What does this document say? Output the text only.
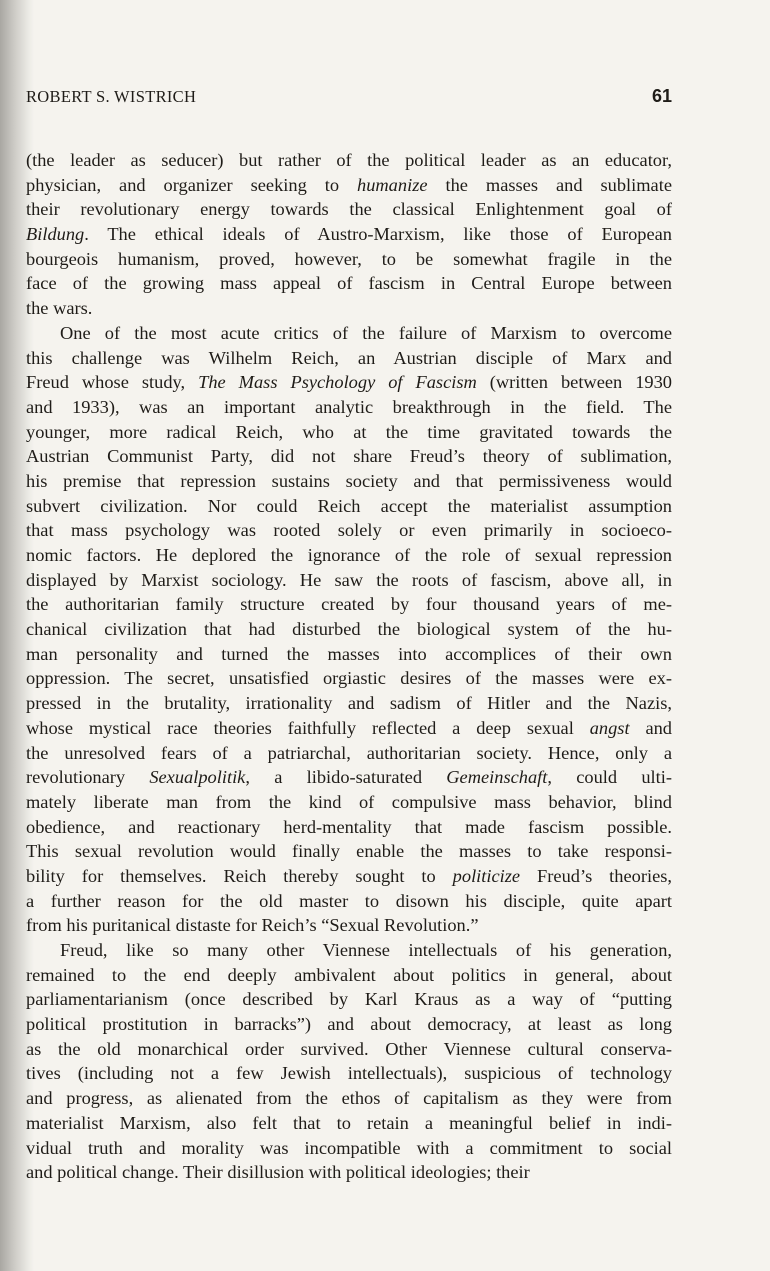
ROBERT S. WISTRICH	61
(the leader as seducer) but rather of the political leader as an educator,
physician, and organizer seeking to humanize the masses and sublimate
their revolutionary energy towards the classical Enlightenment goal of
Bildung. The ethical ideals of Austro-Marxism, like those of European
bourgeois humanism, proved, however, to be somewhat fragile in the
face of the growing mass appeal of fascism in Central Europe between
the wars.
One of the most acute critics of the failure of Marxism to overcome
this challenge was Wilhelm Reich, an Austrian disciple of Marx and
Freud whose study, The Mass Psychology of Fascism (written between 1930
and 1933), was an important analytic breakthrough in the field. The
younger, more radical Reich, who at the time gravitated towards the
Austrian Communist Party, did not share Freud’s theory of sublimation,
his premise that repression sustains society and that permissiveness would
subvert civilization. Nor could Reich accept the materialist assumption
that mass psychology was rooted solely or even primarily in socioeco-
nomic factors. He deplored the ignorance of the role of sexual repression
displayed by Marxist sociology. He saw the roots of fascism, above all, in
the authoritarian family structure created by four thousand years of me-
chanical civilization that had disturbed the biological system of the hu-
man personality and turned the masses into accomplices of their own
oppression. The secret, unsatisfied orgiastic desires of the masses were ex-
pressed in the brutality, irrationality and sadism of Hitler and the Nazis,
whose mystical race theories faithfully reflected a deep sexual angst and
the unresolved fears of a patriarchal, authoritarian society. Hence, only a
revolutionary Sexualpolitik, a libido-saturated Gemeinschaft, could ulti-
mately liberate man from the kind of compulsive mass behavior, blind
obedience, and reactionary herd-mentality that made fascism possible.
This sexual revolution would finally enable the masses to take responsi-
bility for themselves. Reich thereby sought to politicize Freud’s theories,
a further reason for the old master to disown his disciple, quite apart
from his puritanical distaste for Reich’s “Sexual Revolution.”
Freud, like so many other Viennese intellectuals of his generation,
remained to the end deeply ambivalent about politics in general, about
parliamentarianism (once described by Karl Kraus as a way of “putting
political prostitution in barracks”) and about democracy, at least as long
as the old monarchical order survived. Other Viennese cultural conserva-
tives (including not a few Jewish intellectuals), suspicious of technology
and progress, as alienated from the ethos of capitalism as they were from
materialist Marxism, also felt that to retain a meaningful belief in indi-
vidual truth and morality was incompatible with a commitment to social
and political change. Their disillusion with political ideologies; their
